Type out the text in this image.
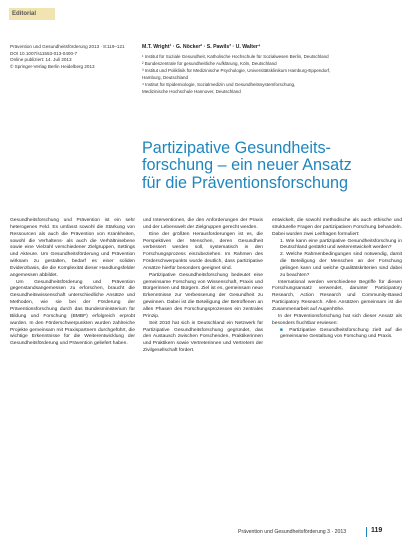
Editorial
Prävention und Gesundheitsförderung 2013 · 8:119–121
DOI 10.1007/s11553-013-0400-7
Online publiziert: 14. Juli 2013
© Springer-Verlag Berlin Heidelberg 2013
M.T. Wright¹ · G. Nöcker² · S. Pawils³ · U. Walter⁴
¹ Institut für Soziale Gesundheit, Katholische Hochschule für Sozialwesen Berlin, Deutschland
² Bundeszentrale für gesundheitliche Aufklärung, Köln, Deutschland
³ Institut und Poliklinik für Medizinische Psychologie, Universitätsklinikum Hamburg-Eppendorf,
Hamburg, Deutschland
⁴ Institut für Epidemiologie, Sozialmedizin und Gesundheitssystemforschung,
Medizinische Hochschule Hannover, Deutschland
Partizipative Gesundheits-
forschung – ein neuer Ansatz
für die Präventionsforschung

Gesundheitsforschung und Prävention ist ein sehr heterogenes Feld. Es umfasst sowohl die Stärkung von Ressourcen als auch die Prävention von Krankheiten, sowohl die Verhaltens- als auch die Verhältnisebene sowie eine Vielzahl verschiedener Zielgruppen, Settings und Akteure. Um Gesundheitsförderung und Prävention wirksam zu gestalten, bedarf es einer soliden Evidenzbasis, die die Komplexität dieser Handlungsfelder angemessen abbildet.

Um Gesundheitsförderung und Prävention gegenstandsangemessen zu erforschen, braucht die Gesundheitswissenschaft unterschiedliche Ansätze und Methoden, wie sie bei der Förderung der Präventionsforschung durch das Bundesministerium für Bildung und Forschung (BMBF) erfolgreich erprobt wurden. In den Förderschwerpunkten wurden zahlreiche Projekte gemeinsam mit Praxispartnern durchgeführt, die wichtige Erkenntnisse für die Weiterentwicklung der Gesundheitsförderung und Prävention geliefert haben.

und Interventionen, die den Anforderungen der Praxis und der Lebenswelt der Zielgruppen gerecht werden.

Eine der größten Herausforderungen ist es, die Perspektiven der Menschen, deren Gesundheit verbessert werden soll, systematisch in den Forschungsprozess einzubeziehen. Im Rahmen des Förderschwerpunkts wurde deutlich, dass partizipative Ansätze hierfür besonders geeignet sind.

Partizipative Gesundheitsforschung bedeutet eine gemeinsame Forschung von Wissenschaft, Praxis und Bürgerinnen und Bürgern. Ziel ist es, gemeinsam neue Erkenntnisse zur Verbesserung der Gesundheit zu gewinnen. Dabei ist die Beteiligung der Betroffenen an allen Phasen des Forschungsprozesses ein zentrales Prinzip.

Seit 2010 hat sich in Deutschland ein Netzwerk für Partizipative Gesundheitsforschung gegründet, das den Austausch zwischen Forschenden, Praktikerinnen und Praktikern sowie Vertreterinnen und Vertretern der Zivilgesellschaft fördert.

entwickelt, die sowohl methodische als auch ethische und strukturelle Fragen der partizipativen Forschung behandeln. Dabei wurden zwei Leitfragen formuliert:

1. Wie kann eine partizipative Gesundheitsforschung in Deutschland gestärkt und weiterentwickelt werden?

2. Welche Rahmenbedingungen sind notwendig, damit die Beteiligung der Menschen an der Forschung gelingen kann und welche Qualitätskriterien sind dabei zu beachten?

International werden verschiedene Begriffe für diesen Forschungsansatz verwendet, darunter Participatory Research, Action Research und Community-Based Participatory Research. Allen Ansätzen gemeinsam ist die Zusammenarbeit auf Augenhöhe.

In der Präventionsforschung hat sich dieser Ansatz als besonders fruchtbar erwiesen:

■ Partizipative Gesundheitsforschung zielt auf die gemeinsame Gestaltung von Forschung und Praxis.

Prävention und Gesundheitsförderung 3 · 2013	119
